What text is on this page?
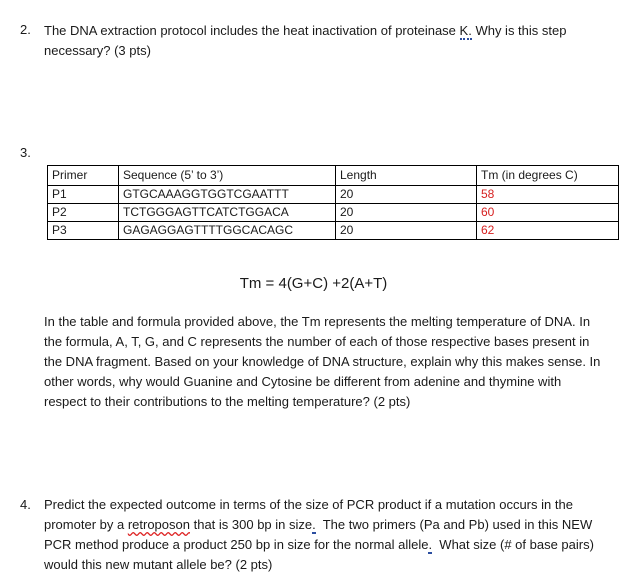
2. The DNA extraction protocol includes the heat inactivation of proteinase K. Why is this step
necessary? (3 pts)
3.
Primer	Sequence (5’ to 3’)	Length	Tm (in degrees C)
P1	GTGCAAAGGTGGTCGAATTT	20	58
P2	TCTGGGAGTTCATCTGGACA	20	60
P3	GAGAGGAGTTTTGGCACAGC	20	62
Tm = 4(G+C) +2(A+T)
In the table and formula provided above, the Tm represents the melting temperature of DNA. In
the formula, A, T, G, and C represents the number of each of those respective bases present in
the DNA fragment. Based on your knowledge of DNA structure, explain why this makes sense. In
other words, why would Guanine and Cytosine be different from adenine and thymine with
respect to their contributions to the melting temperature? (2 pts)
4. Predict the expected outcome in terms of the size of PCR product if a mutation occurs in the
promoter by a retroposon that is 300 bp in size.  The two primers (Pa and Pb) used in this NEW
PCR method produce a product 250 bp in size for the normal allele.  What size (# of base pairs)
would this new mutant allele be? (2 pts)
